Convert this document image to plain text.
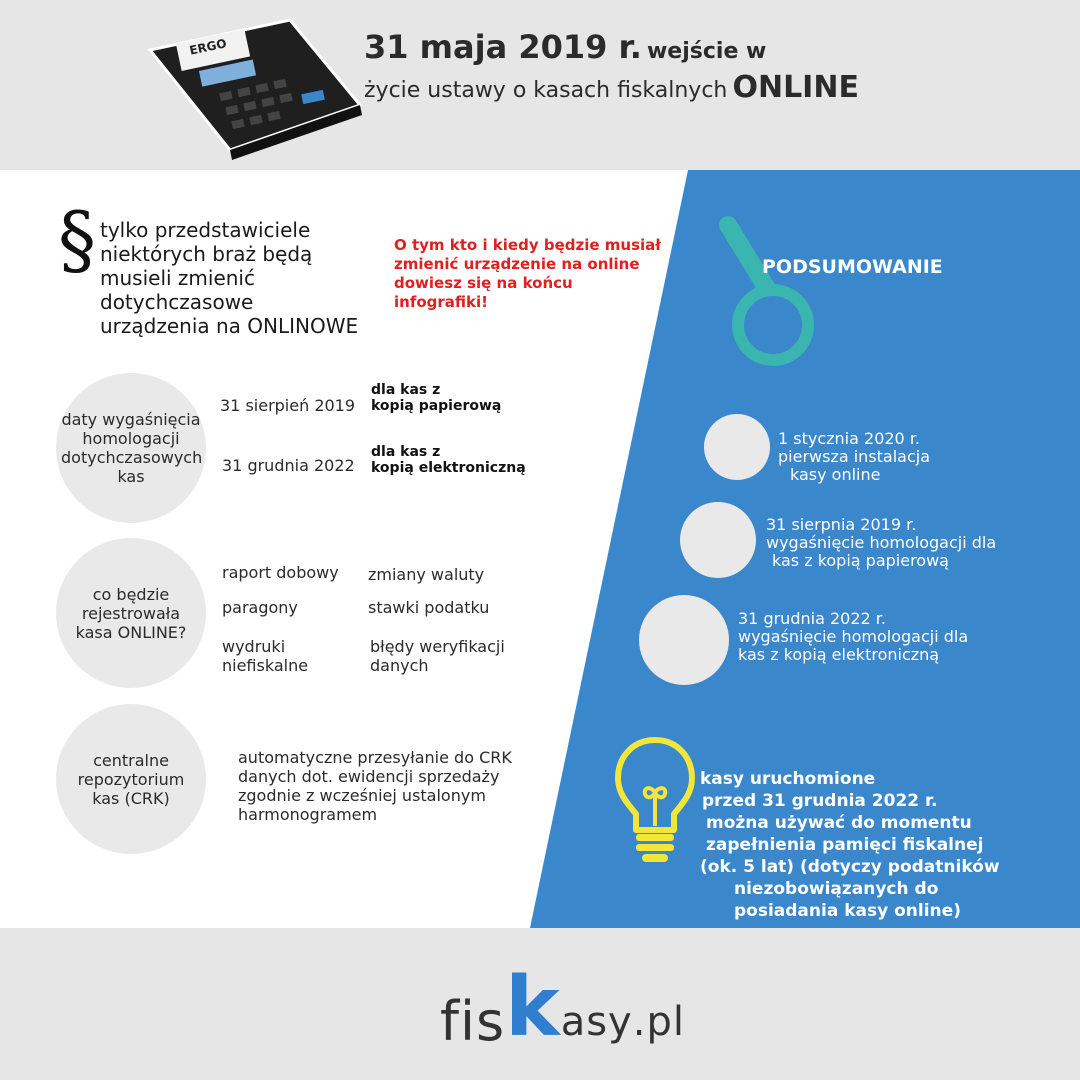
ERGO	31 maja 2019 r. wejście w
życie ustawy o kasach fiskalnych ONLINE
§ tylko przedstawiciele
niektórych braż będą
musieli zmienić
dotychczasowe
urządzenia na ONLINOWE
O tym kto i kiedy będzie musiał
zmienić urządzenie na online
dowiesz się na końcu
infografiki!
PODSUMOWANIE
daty wygaśnięcia homologacji dotychczasowych kas
31 sierpień 2019
dla kas z
kopią papierową
31 grudnia 2022
dla kas z
kopią elektroniczną
co będzie rejestrowała kasa ONLINE?
raport dobowy zmiany waluty
paragony	stawki podatku
wydruki niefiskalne
błędy weryfikacji danych
centralne repozytorium kas (CRK)
automatyczne przesyłanie do CRK
danych dot. ewidencji sprzedaży
zgodnie z wcześniej ustalonym
harmonogramem
1 stycznia 2020 r.
pierwsza instalacja
kasy online
31 sierpnia 2019 r.
wygaśnięcie homologacji dla
kas z kopią papierową
31 grudnia 2022 r.
wygaśnięcie homologacji dla
kas z kopią elektroniczną
kasy uruchomione
przed 31 grudnia 2022 r.
można używać do momentu
zapełnienia pamięci fiskalnej
(ok. 5 lat) (dotyczy podatników
niezobowiązanych do
posiadania kasy online)
fis k asy .pl
